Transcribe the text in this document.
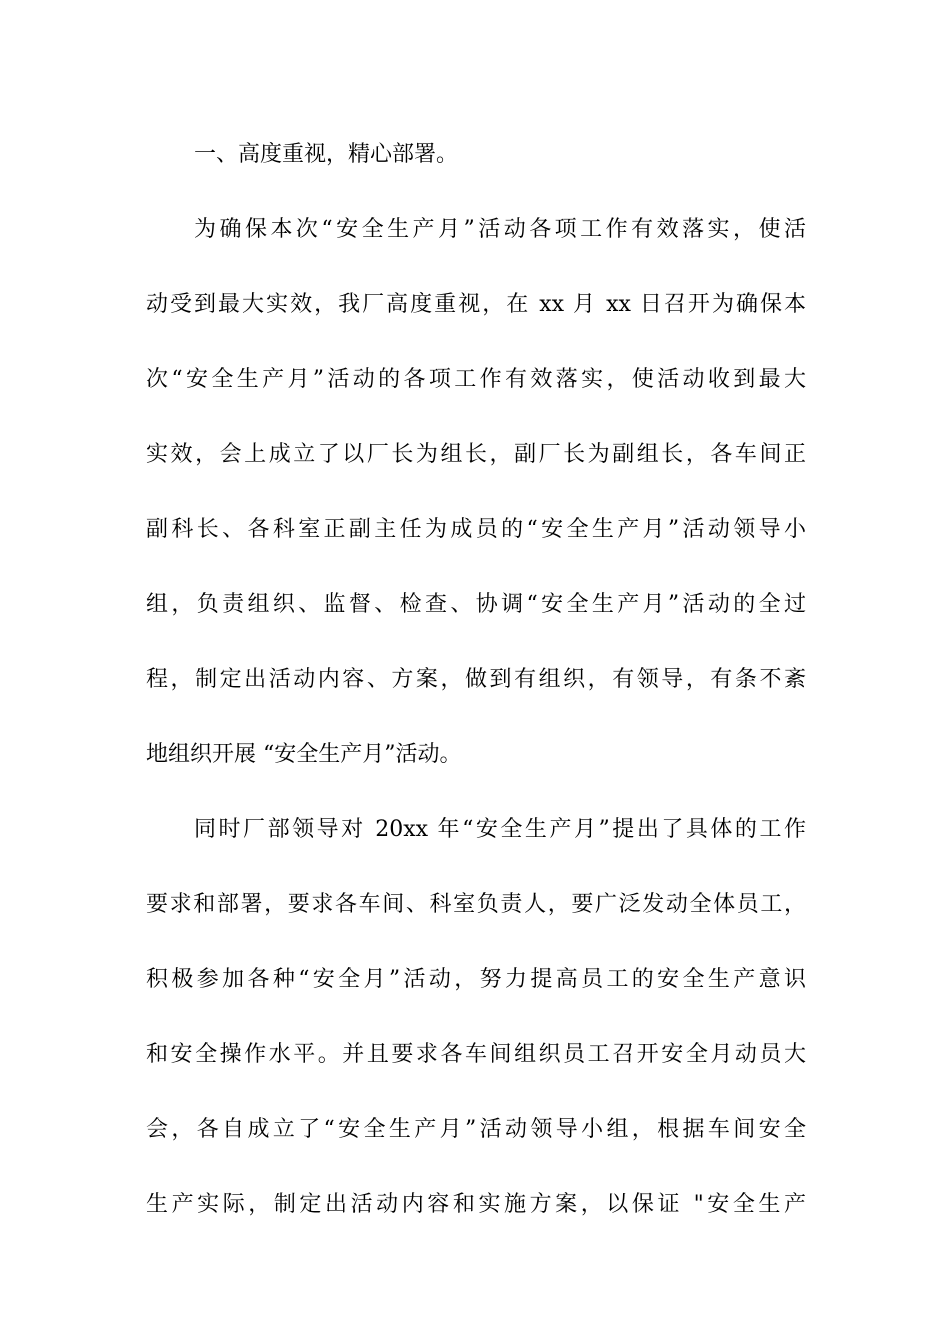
一、高度重视，精心部署。
为确保本次“安全生产月”活动各项工作有效落实，使活
动受到最大实效，我厂高度重视，在 xx 月 xx 日召开为确保本
次“安全生产月”活动的各项工作有效落实，使活动收到最大
实效，会上成立了以厂长为组长，副厂长为副组长，各车间正
副科长、各科室正副主任为成员的“安全生产月”活动领导小
组，负责组织、监督、检查、协调“安全生产月”活动的全过
程，制定出活动内容、方案，做到有组织，有领导，有条不紊
地组织开展 “安全生产月”活动。
同时厂部领导对 20xx 年“安全生产月”提出了具体的工作
要求和部署，要求各车间、科室负责人，要广泛发动全体员工，
积极参加各种“安全月”活动，努力提高员工的安全生产意识
和安全操作水平。并且要求各车间组织员工召开安全月动员大
会，各自成立了“安全生产月”活动领导小组，根据车间安全
生产实际，制定出活动内容和实施方案，以保证 "安全生产
